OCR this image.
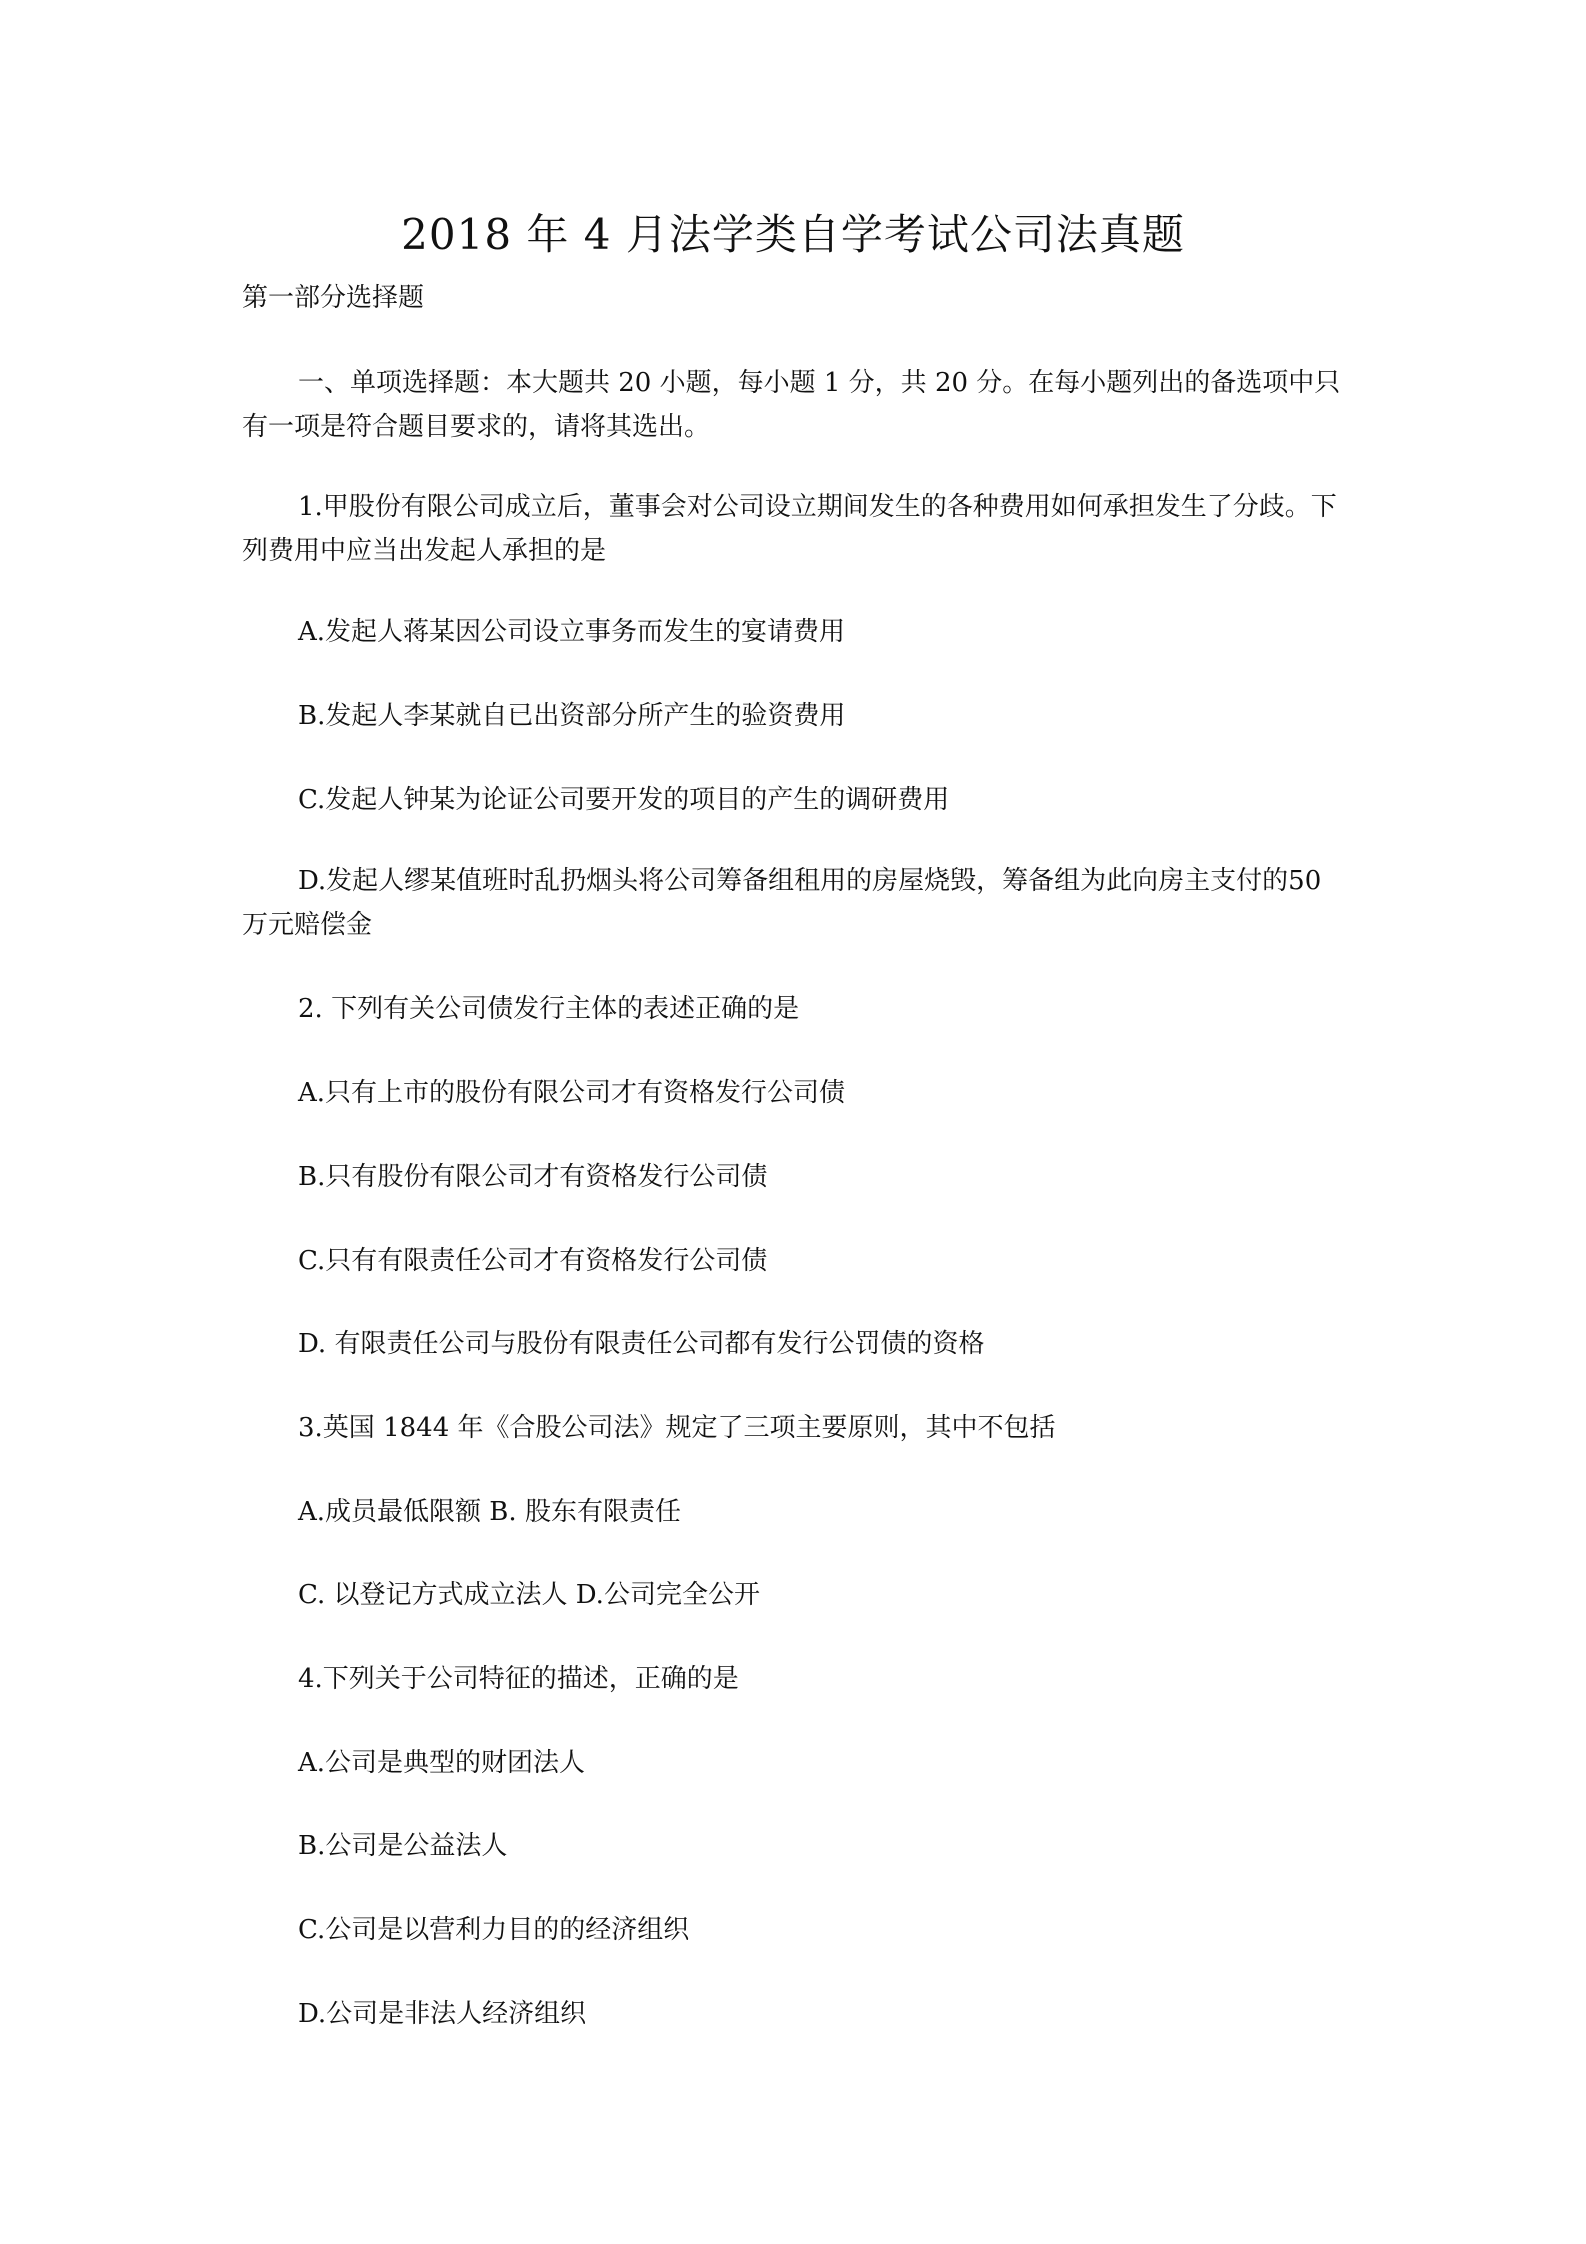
2018 年 4 月法学类自学考试公司法真题
第一部分选择题

一、单项选择题：本大题共 20 小题，每小题 1 分，共 20 分。在每小题列出的备选项中只有一项是符合题目要求的，请将其选出。

1.甲股份有限公司成立后，董事会对公司设立期间发生的各种费用如何承担发生了分歧。下列费用中应当出发起人承担的是

A.发起人蒋某因公司设立事务而发生的宴请费用
B.发起人李某就自已出资部分所产生的验资费用
C.发起人钟某为论证公司要开发的项目的产生的调研费用

D.发起人缪某值班时乱扔烟头将公司筹备组租用的房屋烧毁，筹备组为此向房主支付的50 万元赔偿金

2. 下列有关公司债发行主体的表述正确的是
A.只有上市的股份有限公司才有资格发行公司债
B.只有股份有限公司才有资格发行公司债
C.只有有限责任公司才有资格发行公司债
D. 有限责任公司与股份有限责任公司都有发行公罚债的资格
3.英国 1844 年《合股公司法》规定了三项主要原则，其中不包括
A.成员最低限额 B. 股东有限责任
C. 以登记方式成立法人 D.公司完全公开
4.下列关于公司特征的描述，正确的是
A.公司是典型的财团法人
B.公司是公益法人
C.公司是以营利力目的的经济组织
D.公司是非法人经济组织
